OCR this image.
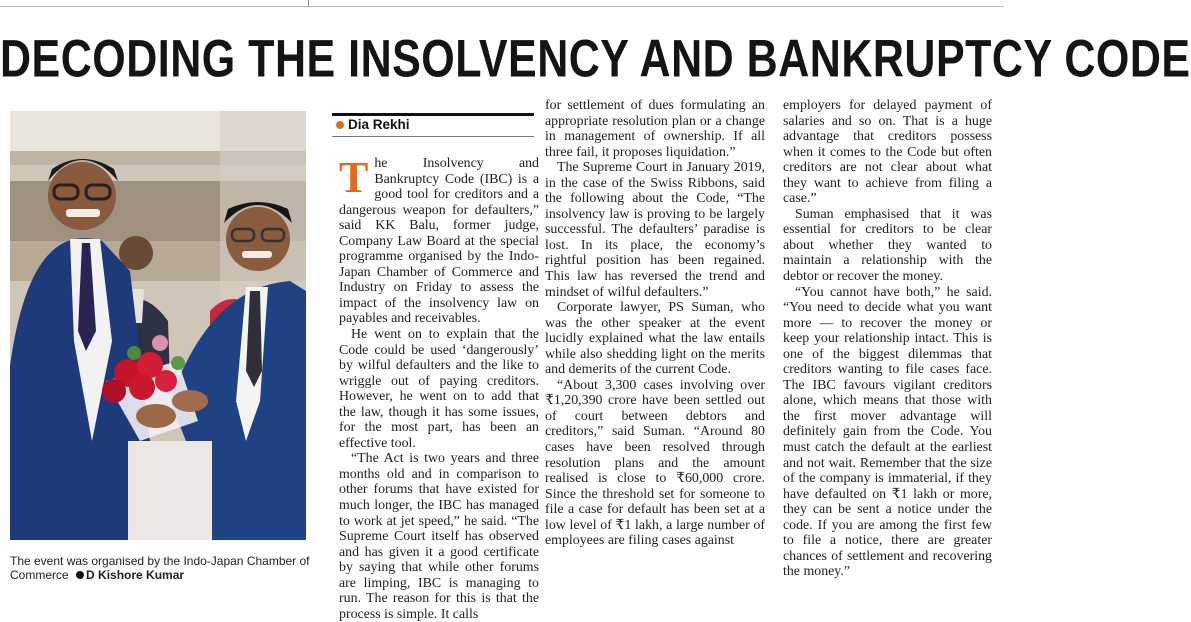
DECODING THE INSOLVENCY AND BANKRUPTCY CODE
The event was organised by the Indo-Japan Chamber of Commerce D Kishore Kumar
Dia Rekhi

The Insolvency and Bankruptcy Code (IBC) is a good tool for creditors and a dangerous weapon for defaulters,” said KK Balu, former judge, Company Law Board at the special programme organised by the Indo-Japan Chamber of Commerce and Industry on Friday to assess the impact of the insolvency law on payables and receivables.

He went on to explain that the Code could be used ‘dangerously’ by wilful defaulters and the like to wriggle out of paying creditors. However, he went on to add that the law, though it has some issues, for the most part, has been an effective tool.

“The Act is two years and three months old and in comparison to other forums that have existed for much longer, the IBC has managed to work at jet speed,” he said. “The Supreme Court itself has observed and has given it a good certificate by saying that while other forums are limping, IBC is managing to run. The reason for this is that the process is simple. It calls

for settlement of dues formulating an appropriate resolution plan or a change in management of ownership. If all three fail, it proposes liquidation.”

The Supreme Court in January 2019, in the case of the Swiss Ribbons, said the following about the Code, “The insolvency law is proving to be largely successful. The defaulters’ paradise is lost. In its place, the economy’s rightful position has been regained. This law has reversed the trend and mindset of wilful defaulters.”

Corporate lawyer, PS Suman, who was the other speaker at the event lucidly explained what the law entails while also shedding light on the merits and demerits of the current Code.

“About 3,300 cases involving over ₹1,20,390 crore have been settled out of court between debtors and creditors,” said Suman. “Around 80 cases have been resolved through resolution plans and the amount realised is close to ₹60,000 crore. Since the threshold set for someone to file a case for default has been set at a low level of ₹1 lakh, a large number of employees are filing cases against

employers for delayed payment of salaries and so on. That is a huge advantage that creditors possess when it comes to the Code but often creditors are not clear about what they want to achieve from filing a case.”

Suman emphasised that it was essential for creditors to be clear about whether they wanted to maintain a relationship with the debtor or recover the money.

“You cannot have both,” he said. “You need to decide what you want more — to recover the money or keep your relationship intact. This is one of the biggest dilemmas that creditors wanting to file cases face. The IBC favours vigilant creditors alone, which means that those with the first mover advantage will definitely gain from the Code. You must catch the default at the earliest and not wait. Remember that the size of the company is immaterial, if they have defaulted on ₹1 lakh or more, they can be sent a notice under the code. If you are among the first few to file a notice, there are greater chances of settlement and recovering the money.”
